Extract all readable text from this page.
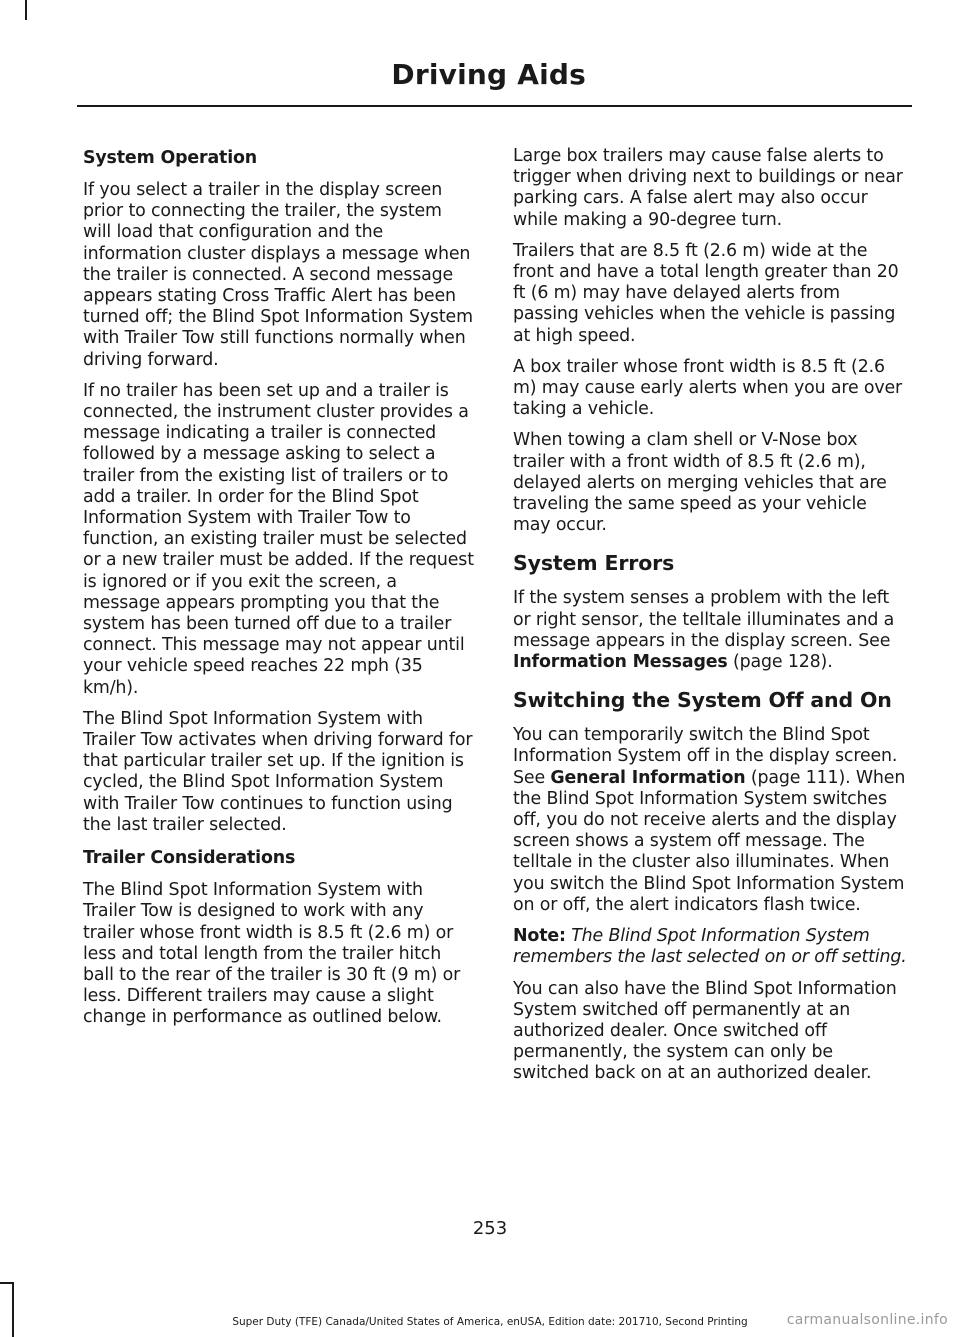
Driving Aids
System Operation

If you select a trailer in the display screen prior to connecting the trailer, the system will load that configuration and the information cluster displays a message when the trailer is connected. A second message appears stating Cross Traffic Alert has been turned off; the Blind Spot Information System with Trailer Tow still functions normally when driving forward.

If no trailer has been set up and a trailer is connected, the instrument cluster provides a message indicating a trailer is connected followed by a message asking to select a trailer from the existing list of trailers or to add a trailer. In order for the Blind Spot Information System with Trailer Tow to function, an existing trailer must be selected or a new trailer must be added. If the request is ignored or if you exit the screen, a message appears prompting you that the system has been turned off due to a trailer connect. This message may not appear until your vehicle speed reaches 22 mph (35 km/h).

The Blind Spot Information System with Trailer Tow activates when driving forward for that particular trailer set up. If the ignition is cycled, the Blind Spot Information System with Trailer Tow continues to function using the last trailer selected.

Trailer Considerations

The Blind Spot Information System with Trailer Tow is designed to work with any trailer whose front width is 8.5 ft (2.6 m) or less and total length from the trailer hitch ball to the rear of the trailer is 30 ft (9 m) or less. Different trailers may cause a slight change in performance as outlined below.

Large box trailers may cause false alerts to trigger when driving next to buildings or near parking cars. A false alert may also occur while making a 90-degree turn.

Trailers that are 8.5 ft (2.6 m) wide at the front and have a total length greater than 20 ft (6 m) may have delayed alerts from passing vehicles when the vehicle is passing at high speed.

A box trailer whose front width is 8.5 ft (2.6 m) may cause early alerts when you are over taking a vehicle.

When towing a clam shell or V-Nose box trailer with a front width of 8.5 ft (2.6 m), delayed alerts on merging vehicles that are traveling the same speed as your vehicle may occur.

System Errors

If the system senses a problem with the left or right sensor, the telltale illuminates and a message appears in the display screen. See Information Messages (page 128).

Switching the System Off and On

You can temporarily switch the Blind Spot Information System off in the display screen. See General Information (page 111). When the Blind Spot Information System switches off, you do not receive alerts and the display screen shows a system off message. The telltale in the cluster also illuminates. When you switch the Blind Spot Information System on or off, the alert indicators flash twice.

Note: The Blind Spot Information System remembers the last selected on or off setting.

You can also have the Blind Spot Information System switched off permanently at an authorized dealer. Once switched off permanently, the system can only be switched back on at an authorized dealer.

253
Super Duty (TFE) Canada/United States of America, enUSA, Edition date: 201710, Second Printing	carmanualsonline.info
